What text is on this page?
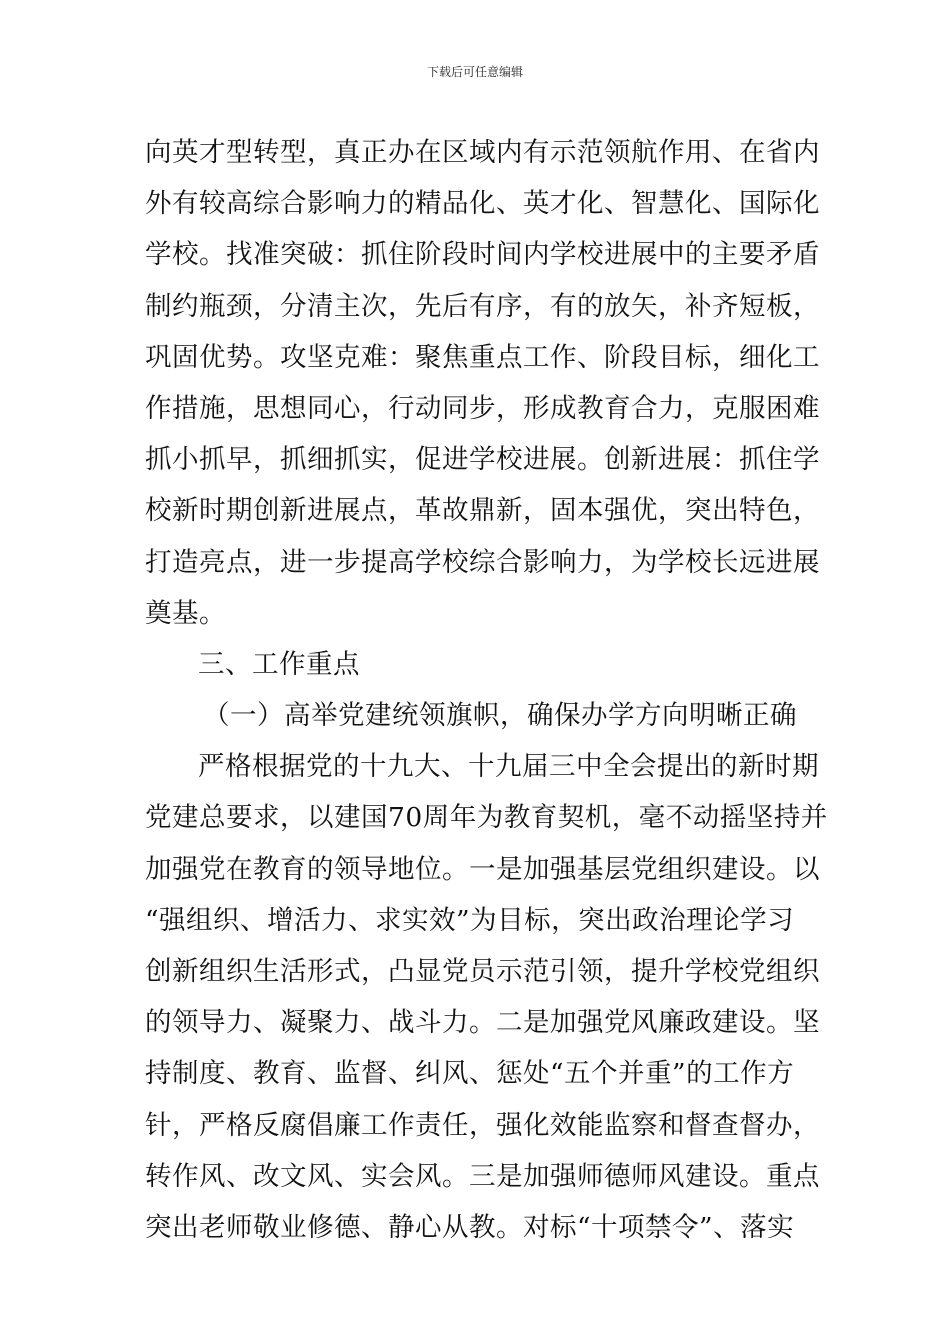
下载后可任意编辑
向英才型转型，真正办在区域内有示范领航作用、在省内
外有较高综合影响力的精品化、英才化、智慧化、国际化
学校。找准突破：抓住阶段时间内学校进展中的主要矛盾
制约瓶颈，分清主次，先后有序，有的放矢，补齐短板，
巩固优势。攻坚克难：聚焦重点工作、阶段目标，细化工
作措施，思想同心，行动同步，形成教育合力，克服困难
抓小抓早，抓细抓实，促进学校进展。创新进展：抓住学
校新时期创新进展点，革故鼎新，固本强优，突出特色，
打造亮点，进一步提高学校综合影响力，为学校长远进展
奠基。
三、工作重点
（一）高举党建统领旗帜，确保办学方向明晰正确
严格根据党的十九大、十九届三中全会提出的新时期
党建总要求，以建国70周年为教育契机，毫不动摇坚持并
加强党在教育的领导地位。一是加强基层党组织建设。以
“强组织、增活力、求实效”为目标，突出政治理论学习
创新组织生活形式，凸显党员示范引领，提升学校党组织
的领导力、凝聚力、战斗力。二是加强党风廉政建设。坚
持制度、教育、监督、纠风、惩处“五个并重”的工作方
针，严格反腐倡廉工作责任，强化效能监察和督查督办，
转作风、改文风、实会风。三是加强师德师风建设。重点
突出老师敬业修德、静心从教。对标“十项禁令”、落实
